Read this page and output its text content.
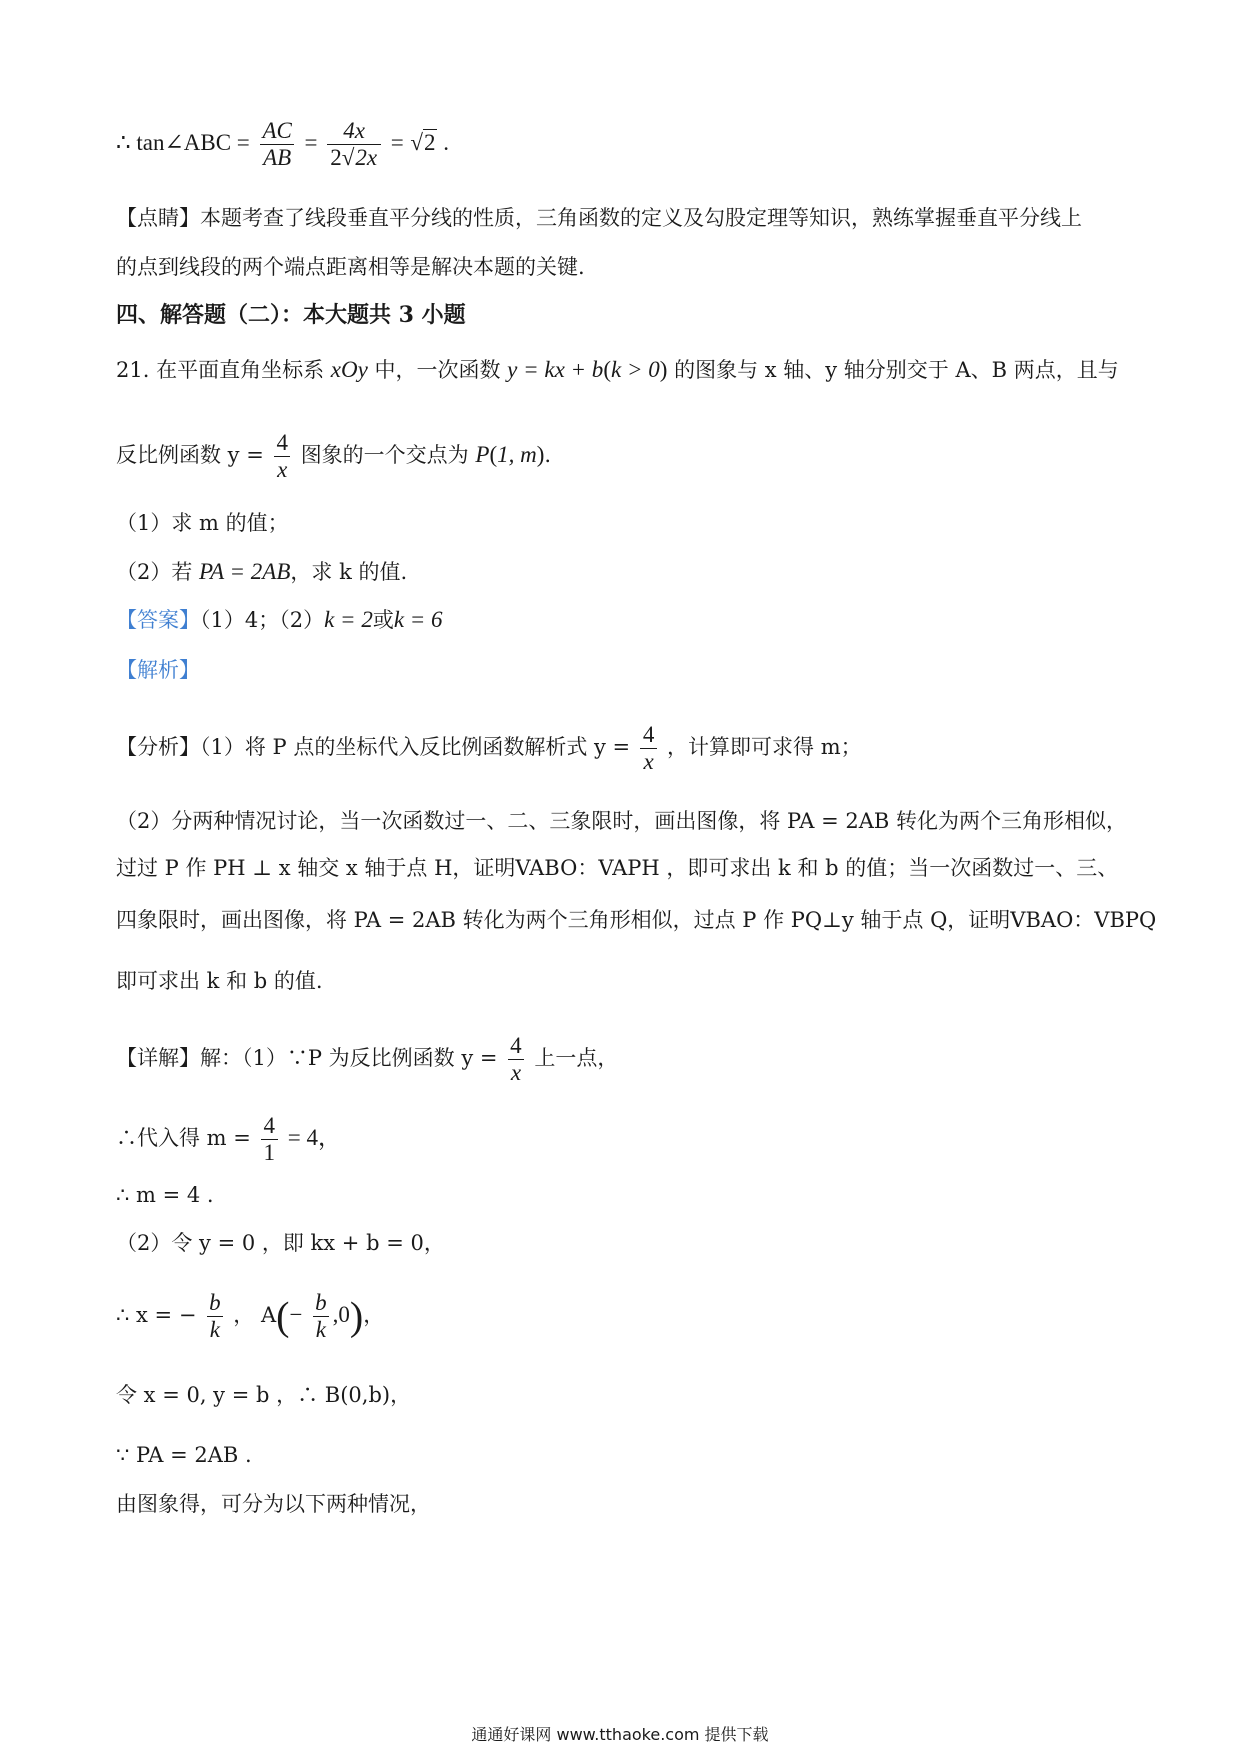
∴ tan∠ABC = $\frac{AC}{AB} = \frac{4x}{2√2x} = √2$ .
【点睛】本题考查了线段垂直平分线的性质，三角函数的定义及勾股定理等知识，熟练掌握垂直平分线上
的点到线段的两个端点距离相等是解决本题的关键.
四、解答题（二）：本大题共 3 小题
21. 在平面直角坐标系 xOy 中，一次函数 y = kx + b(k > 0) 的图象与 x 轴、y 轴分别交于 A、B 两点，且与
反比例函数 $y = \frac{4}{x}$ 图象的一个交点为 P(1, m).
（1）求 m 的值；
（2）若 PA = 2AB，求 k 的值.
【答案】（1）4；（2）k = 2或k = 6
【解析】
【分析】（1）将 P 点的坐标代入反比例函数解析式 $y = \frac{4}{x}$ ，计算即可求得 m；
（2）分两种情况讨论，当一次函数过一、二、三象限时，画出图像，将 PA = 2AB 转化为两个三角形相似，
过过 P 作 PH ⊥ x 轴交 x 轴于点 H，证明VABO：VAPH ，即可求出 k 和 b 的值；当一次函数过一、三、
四象限时，画出图像，将 PA = 2AB 转化为两个三角形相似，过点 P 作 PQ⊥y 轴于点 Q，证明VBAO：VBPQ
即可求出 k 和 b 的值.
【详解】解：（1）∵P 为反比例函数 $y = \frac{4}{x}$ 上一点，
∴代入得 $m = \frac{4}{1} = 4$，
∴ m = 4 .
（2）令 y = 0 ，即 kx + b = 0，
∴ x = − $\frac{b}{k}$ ， $A(- \frac{b}{k} ,0)$，
令 x = 0, y = b ，∴ B(0,b)，
∵ PA = 2AB .
由图象得，可分为以下两种情况，
通通好课网 www.tthaoke.com 提供下载
